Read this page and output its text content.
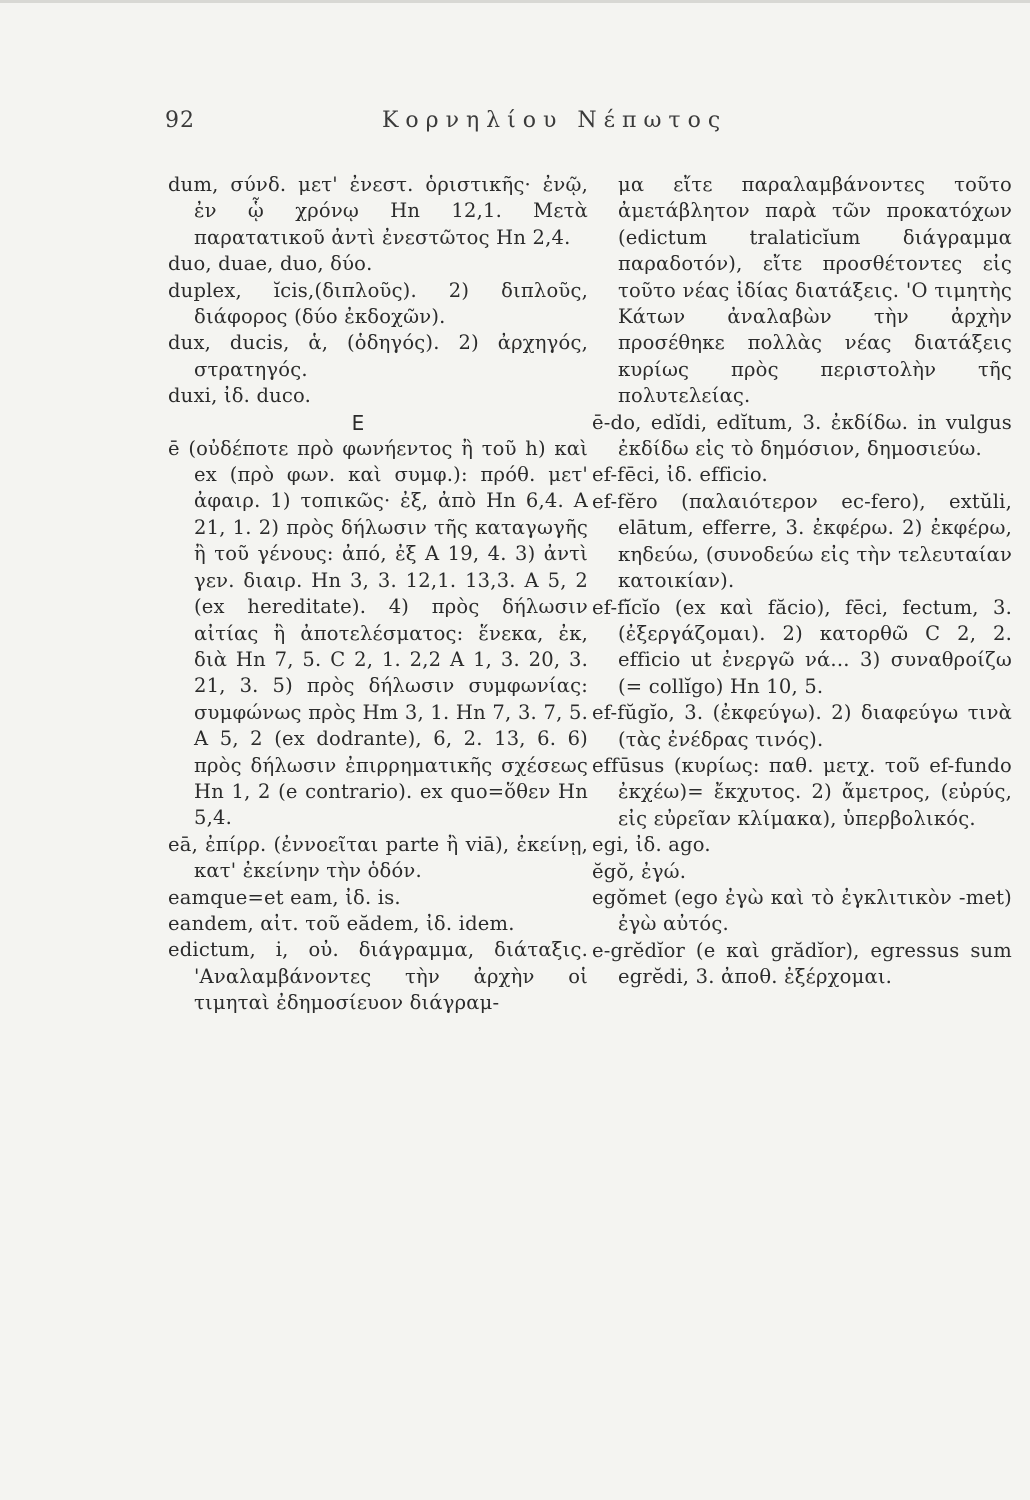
92	Κορνηλίου Νέπωτος

dum, σύνδ. μετ' ἐνεστ. ὁριστικῆς· ἐνῷ, ἐν ᾧ χρόνῳ Hn 12,1. Μετὰ παρατατικοῦ ἀντὶ ἐνεστῶτος Hn 2,4.

duo, duae, duo, δύο.

duplex, ĭcis,(διπλοῦς). 2) διπλοῦς, διάφορος (δύο ἐκδοχῶν).

dux, ducis, ἁ, (ὁδηγός). 2) ἀρχηγός, στρατηγός.

duxi, ἰδ. duco.

E

ē (οὐδέποτε πρὸ φωνήεντος ἢ τοῦ h) καὶ ex (πρὸ φων. καὶ συμφ.): πρόθ. μετ' ἀφαιρ. 1) τοπικῶς· ἐξ, ἀπὸ Hn 6,4. A 21, 1. 2) πρὸς δήλωσιν τῆς καταγωγῆς ἢ τοῦ γένους: ἀπό, ἐξ A 19, 4. 3) ἀντὶ γεν. διαιρ. Hn 3, 3. 12,1. 13,3. A 5, 2 (ex hereditate). 4) πρὸς δήλωσιν αἰτίας ἢ ἀποτελέσματος: ἕνεκα, ἐκ, διὰ Hn 7, 5. C 2, 1. 2,2 A 1, 3. 20, 3. 21, 3. 5) πρὸς δήλωσιν συμφωνίας: συμφώνως πρὸς Hm 3, 1. Hn 7, 3. 7, 5. A 5, 2 (ex dodrante), 6, 2. 13, 6. 6) πρὸς δήλωσιν ἐπιρρηματικῆς σχέσεως Hn 1, 2 (e contrario). ex quo=ὅθεν Hn 5,4.

eā, ἐπίρρ. (ἐννοεῖται parte ἢ viā), ἐκείνῃ, κατ' ἐκείνην τὴν ὁδόν.

eamque=et eam, ἰδ. is.

eandem, αἰτ. τοῦ eădem, ἰδ. idem.

edictum, i, οὐ. διάγραμμα, διάταξις. 'Αναλαμβάνοντες τὴν ἀρχὴν οἱ τιμηταὶ ἐδημοσίευον διάγραμ-

μα εἴτε παραλαμβάνοντες τοῦτο ἀμετάβλητον παρὰ τῶν προκατόχων (edictum tralaticĭum διάγραμμα παραδοτόν), εἴτε προσθέτοντες εἰς τοῦτο νέας ἰδίας διατάξεις. 'Ο τιμητὴς Κάτων ἀναλαβὼν τὴν ἀρχὴν προσέθηκε πολλὰς νέας διατάξεις κυρίως πρὸς περιστολὴν τῆς πολυτελείας.

ē-do, edĭdi, edĭtum, 3. ἐκδίδω. in vulgus ἐκδίδω εἰς τὸ δημόσιον, δημοσιεύω.

ef-fēci, ἰδ. efficio.

ef-fĕro (παλαιότερον ec-fero), extŭli, elātum, efferre, 3. ἐκφέρω. 2) ἐκφέρω, κηδεύω, (συνοδεύω εἰς τὴν τελευταίαν κατοικίαν).

ef-fĭcĭo (ex καὶ făcio), fēci, fectum, 3. (ἐξεργάζομαι). 2) κατορθῶ C 2, 2. efficio ut ἐνεργῶ νά... 3) συναθροίζω (= collĭgo) Hn 10, 5.

ef-fŭgĭo, 3. (ἐκφεύγω). 2) διαφεύγω τινὰ (τὰς ἐνέδρας τινός).

effūsus (κυρίως: παθ. μετχ. τοῦ ef-fundo ἐκχέω)= ἔκχυτος. 2) ἄμετρος, (εὐρύς, εἰς εὐρεῖαν κλίμακα), ὑπερβολικός.

egi, ἰδ. ago.

ĕgŏ, ἐγώ.

egŏmet (ego ἐγὼ καὶ τὸ ἐγκλιτικὸν -met) ἐγὼ αὐτός.

e-grĕdĭor (e καὶ grădĭor), egressus sum egrĕdi, 3. ἀποθ. ἐξέρχομαι.
